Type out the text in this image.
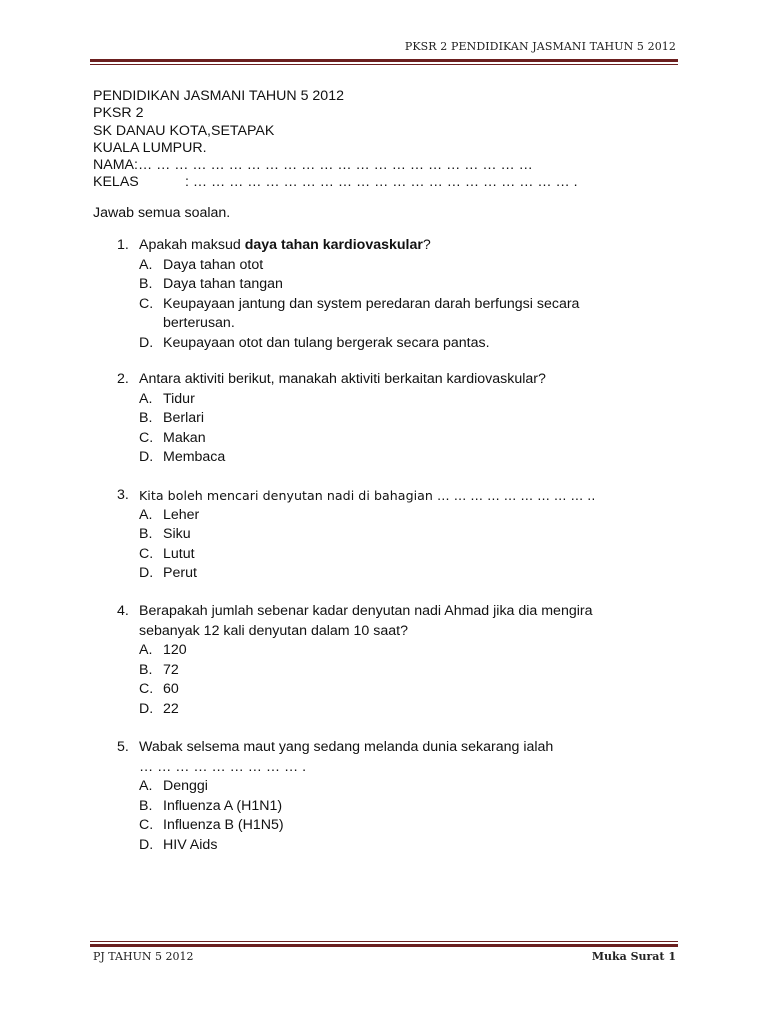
PKSR 2 PENDIDIKAN JASMANI TAHUN 5 2012
PENDIDIKAN JASMANI TAHUN 5 2012
PKSR 2
SK DANAU KOTA,SETAPAK
KUALA LUMPUR.
NAMA :… … … … … … … … … … … … … … … … … … … … … …
KELAS	: … … … … … … … … … … … … … … … … … … … … … .
Jawab semua soalan.
1. Apakah maksud daya tahan kardiovaskular?
A. Daya tahan otot
B. Daya tahan tangan
C. Keupayaan jantung dan system peredaran darah berfungsi secara berterusan.
D. Keupayaan otot dan tulang bergerak secara pantas.
2. Antara aktiviti berikut, manakah aktiviti berkaitan kardiovaskular?
A. Tidur
B. Berlari
C. Makan
D. Membaca
3. Kita boleh mencari denyutan nadi di bahagian … … … … … … … … … ..
A. Leher
B. Siku
C. Lutut
D. Perut
4. Berapakah jumlah sebenar kadar denyutan nadi Ahmad jika dia mengira sebanyak 12 kali denyutan dalam 10 saat?
A. 120
B. 72
C. 60
D. 22
5. Wabak selsema maut yang sedang melanda dunia sekarang ialah
… … … … … … … … … .
A. Denggi
B. Influenza A (H1N1)
C. Influenza B (H1N5)
D. HIV Aids
PJ TAHUN 5 2012	Muka Surat 1
